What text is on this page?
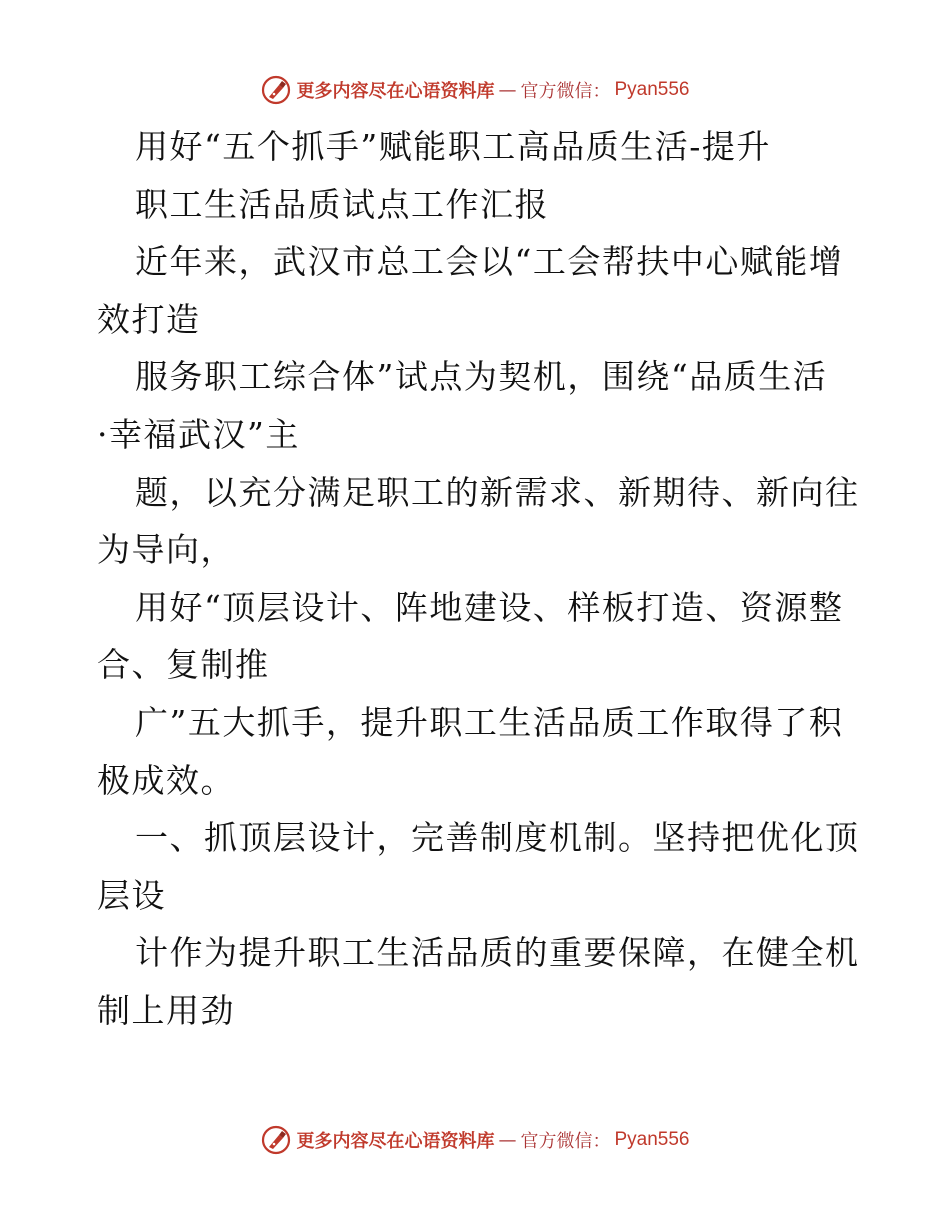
更多内容尽在心语资料库 — 官方微信： Pyan556
用好“五个抓手”赋能职工高品质生活-提升
职工生活品质试点工作汇报
近年来，武汉市总工会以“工会帮扶中心赋能增
效打造
服务职工综合体”试点为契机，围绕“品质生活
·幸福武汉”主
题，以充分满足职工的新需求、新期待、新向往
为导向，
用好“顶层设计、阵地建设、样板打造、资源整
合、复制推
广”五大抓手，提升职工生活品质工作取得了积
极成效。
一、抓顶层设计，完善制度机制。坚持把优化顶
层设
计作为提升职工生活品质的重要保障，在健全机
制上用劲
更多内容尽在心语资料库 — 官方微信： Pyan556
